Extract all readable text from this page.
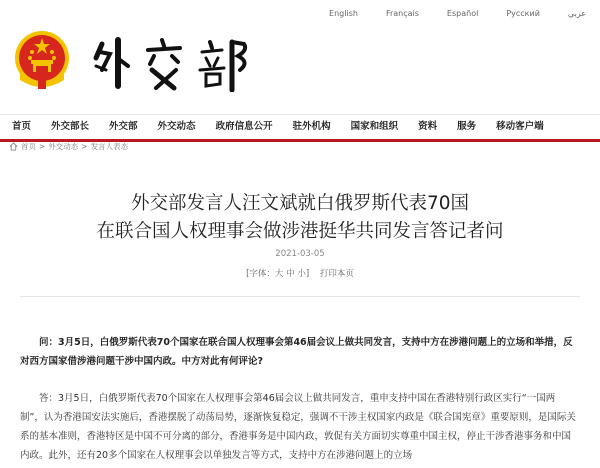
English	Français	Español	Русский	عربي
首页	外交部长	外交部	外交动态	政府信息公开	驻外机构	国家和组织	资料	服务	移动客户端
首页 > 外交动态 > 发言人表态
外交部发言人汪文斌就白俄罗斯代表70国
在联合国人权理事会做涉港挺华共同发言答记者问
2021-03-05
[字体：大 中 小] 打印本页

问：3月5日，白俄罗斯代表70个国家在联合国人权理事会第46届会议上做共同发言，支持中方在涉港问题上的立场和举措，反对西方国家借涉港问题干涉中国内政。中方对此有何评论?

答：3月5日，白俄罗斯代表70个国家在人权理事会第46届会议上做共同发言，重申支持中国在香港特别行政区实行“一国两制”，认为香港国安法实施后，香港摆脱了动荡局势，逐渐恢复稳定，强调不干涉主权国家内政是《联合国宪章》重要原则，是国际关系的基本准则，香港特区是中国不可分离的部分，香港事务是中国内政，敦促有关方面切实尊重中国主权，停止干涉香港事务和中国内政。此外，还有20多个国家在人权理事会以单独发言等方式，支持中方在涉港问题上的立场
